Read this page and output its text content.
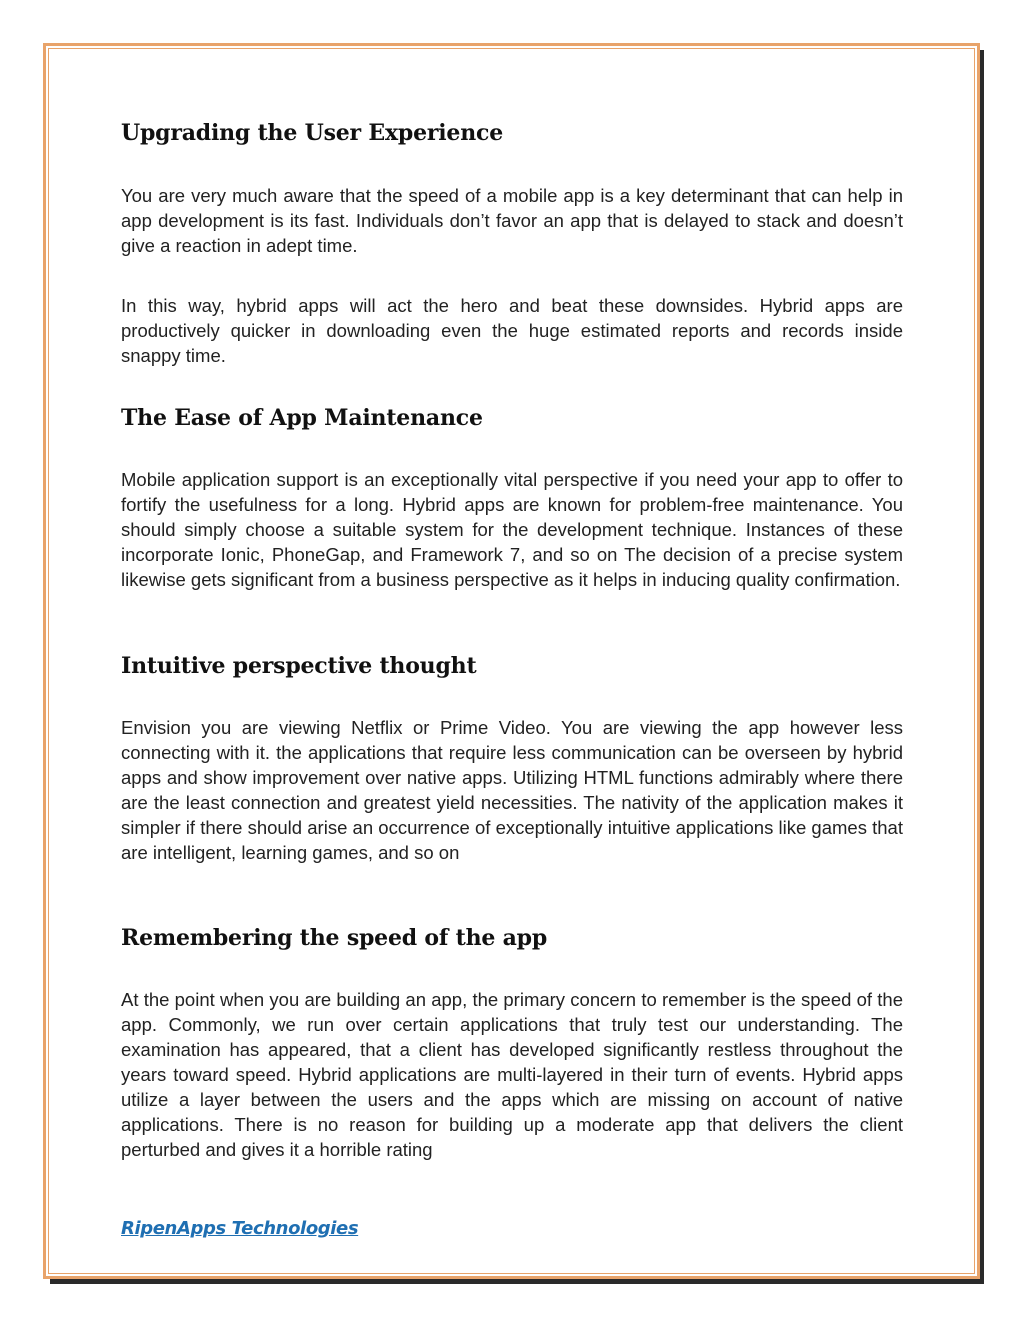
Upgrading the User Experience

You are very much aware that the speed of a mobile app is a key determinant that can help in app development is its fast. Individuals don’t favor an app that is delayed to stack and doesn’t give a reaction in adept time.

In this way, hybrid apps will act the hero and beat these downsides. Hybrid apps are productively quicker in downloading even the huge estimated reports and records inside snappy time.

The Ease of App Maintenance

Mobile application support is an exceptionally vital perspective if you need your app to offer to fortify the usefulness for a long. Hybrid apps are known for problem-free maintenance. You should simply choose a suitable system for the development technique. Instances of these incorporate Ionic, PhoneGap, and Framework 7, and so on The decision of a precise system likewise gets significant from a business perspective as it helps in inducing quality confirmation.

Intuitive perspective thought

Envision you are viewing Netflix or Prime Video. You are viewing the app however less connecting with it. the applications that require less communication can be overseen by hybrid apps and show improvement over native apps. Utilizing HTML functions admirably where there are the least connection and greatest yield necessities. The nativity of the application makes it simpler if there should arise an occurrence of exceptionally intuitive applications like games that are intelligent, learning games, and so on

Remembering the speed of the app

At the point when you are building an app, the primary concern to remember is the speed of the app. Commonly, we run over certain applications that truly test our understanding. The examination has appeared, that a client has developed significantly restless throughout the years toward speed. Hybrid applications are multi-layered in their turn of events. Hybrid apps utilize a layer between the users and the apps which are missing on account of native applications. There is no reason for building up a moderate app that delivers the client perturbed and gives it a horrible rating

RipenApps Technologies
